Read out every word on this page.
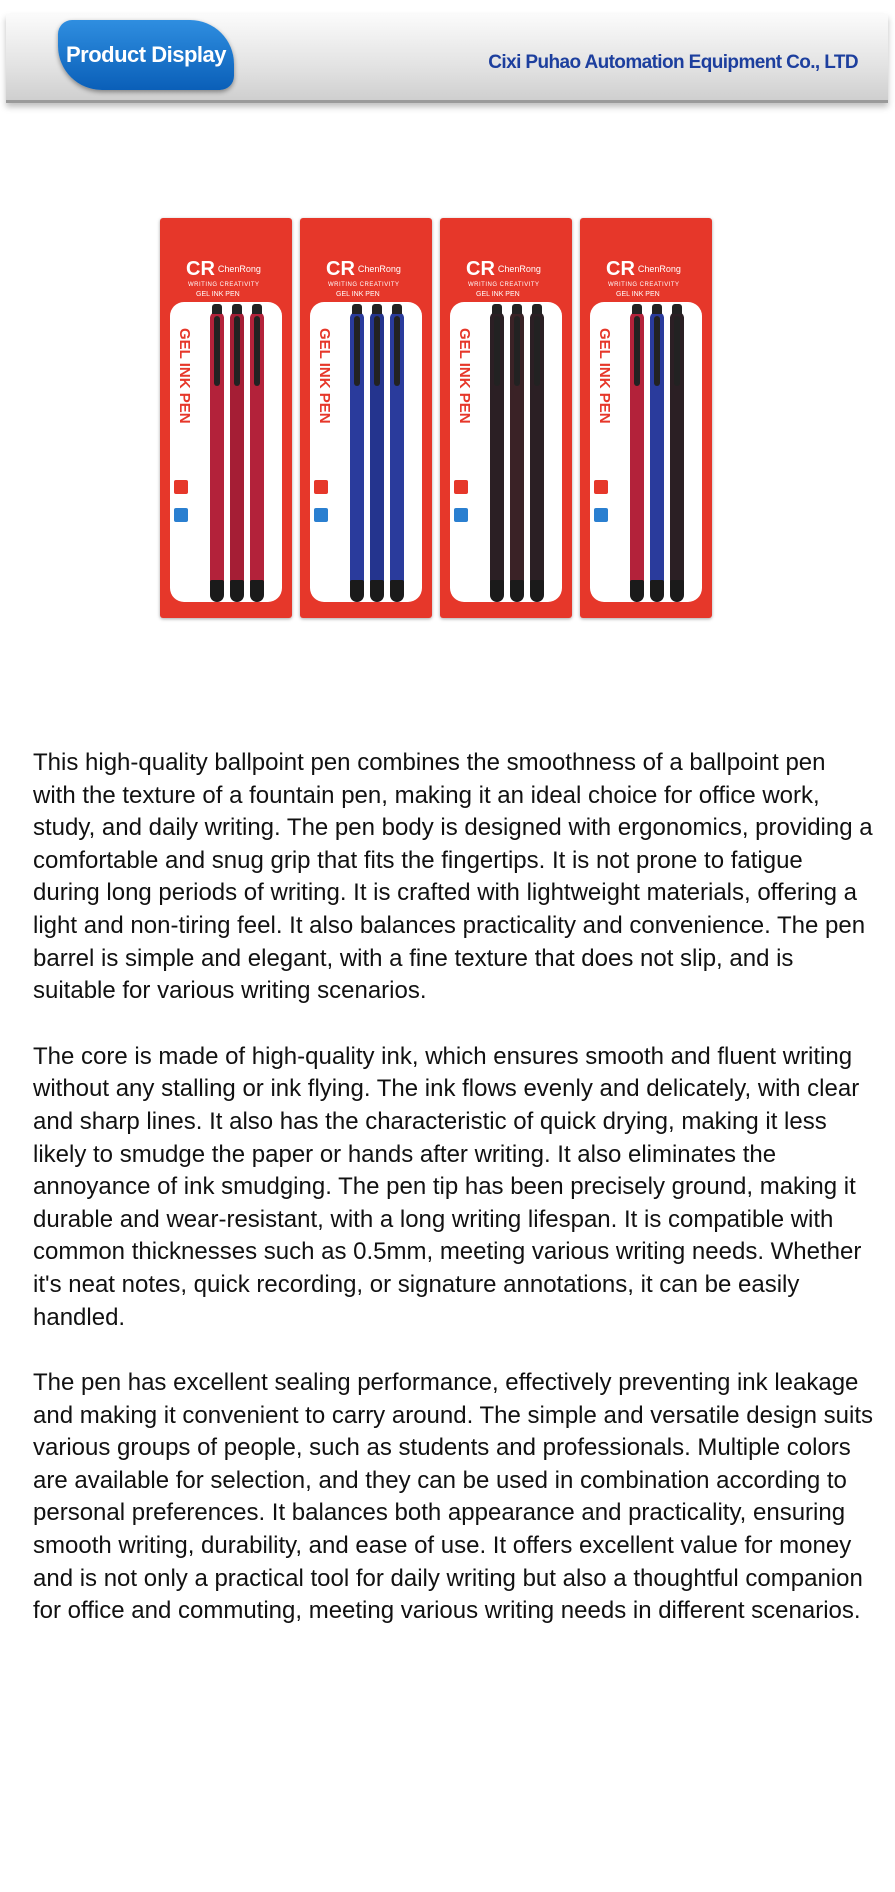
Product Display	Cixi Puhao Automation Equipment Co., LTD
CR ChenRong
WRITING CREATIVITY
GEL INK PEN
GEL INK PEN
CR ChenRong
WRITING CREATIVITY
GEL INK PEN
GEL INK PEN
CR ChenRong
WRITING CREATIVITY
GEL INK PEN
GEL INK PEN
CR ChenRong
WRITING CREATIVITY
GEL INK PEN
GEL INK PEN

This high-quality ballpoint pen combines the smoothness of a ballpoint pen with the texture of a fountain pen, making it an ideal choice for office work, study, and daily writing. The pen body is designed with ergonomics, providing a comfortable and snug grip that fits the fingertips. It is not prone to fatigue during long periods of writing. It is crafted with lightweight materials, offering a light and non-tiring feel. It also balances practicality and convenience. The pen barrel is simple and elegant, with a fine texture that does not slip, and is suitable for various writing scenarios.

The core is made of high-quality ink, which ensures smooth and fluent writing without any stalling or ink flying. The ink flows evenly and delicately, with clear and sharp lines. It also has the characteristic of quick drying, making it less likely to smudge the paper or hands after writing. It also eliminates the annoyance of ink smudging. The pen tip has been precisely ground, making it durable and wear-resistant, with a long writing lifespan. It is compatible with common thicknesses such as 0.5mm, meeting various writing needs. Whether it's neat notes, quick recording, or signature annotations, it can be easily handled.

The pen has excellent sealing performance, effectively preventing ink leakage and making it convenient to carry around. The simple and versatile design suits various groups of people, such as students and professionals. Multiple colors are available for selection, and they can be used in combination according to personal preferences. It balances both appearance and practicality, ensuring smooth writing, durability, and ease of use. It offers excellent value for money and is not only a practical tool for daily writing but also a thoughtful companion for office and commuting, meeting various writing needs in different scenarios.
